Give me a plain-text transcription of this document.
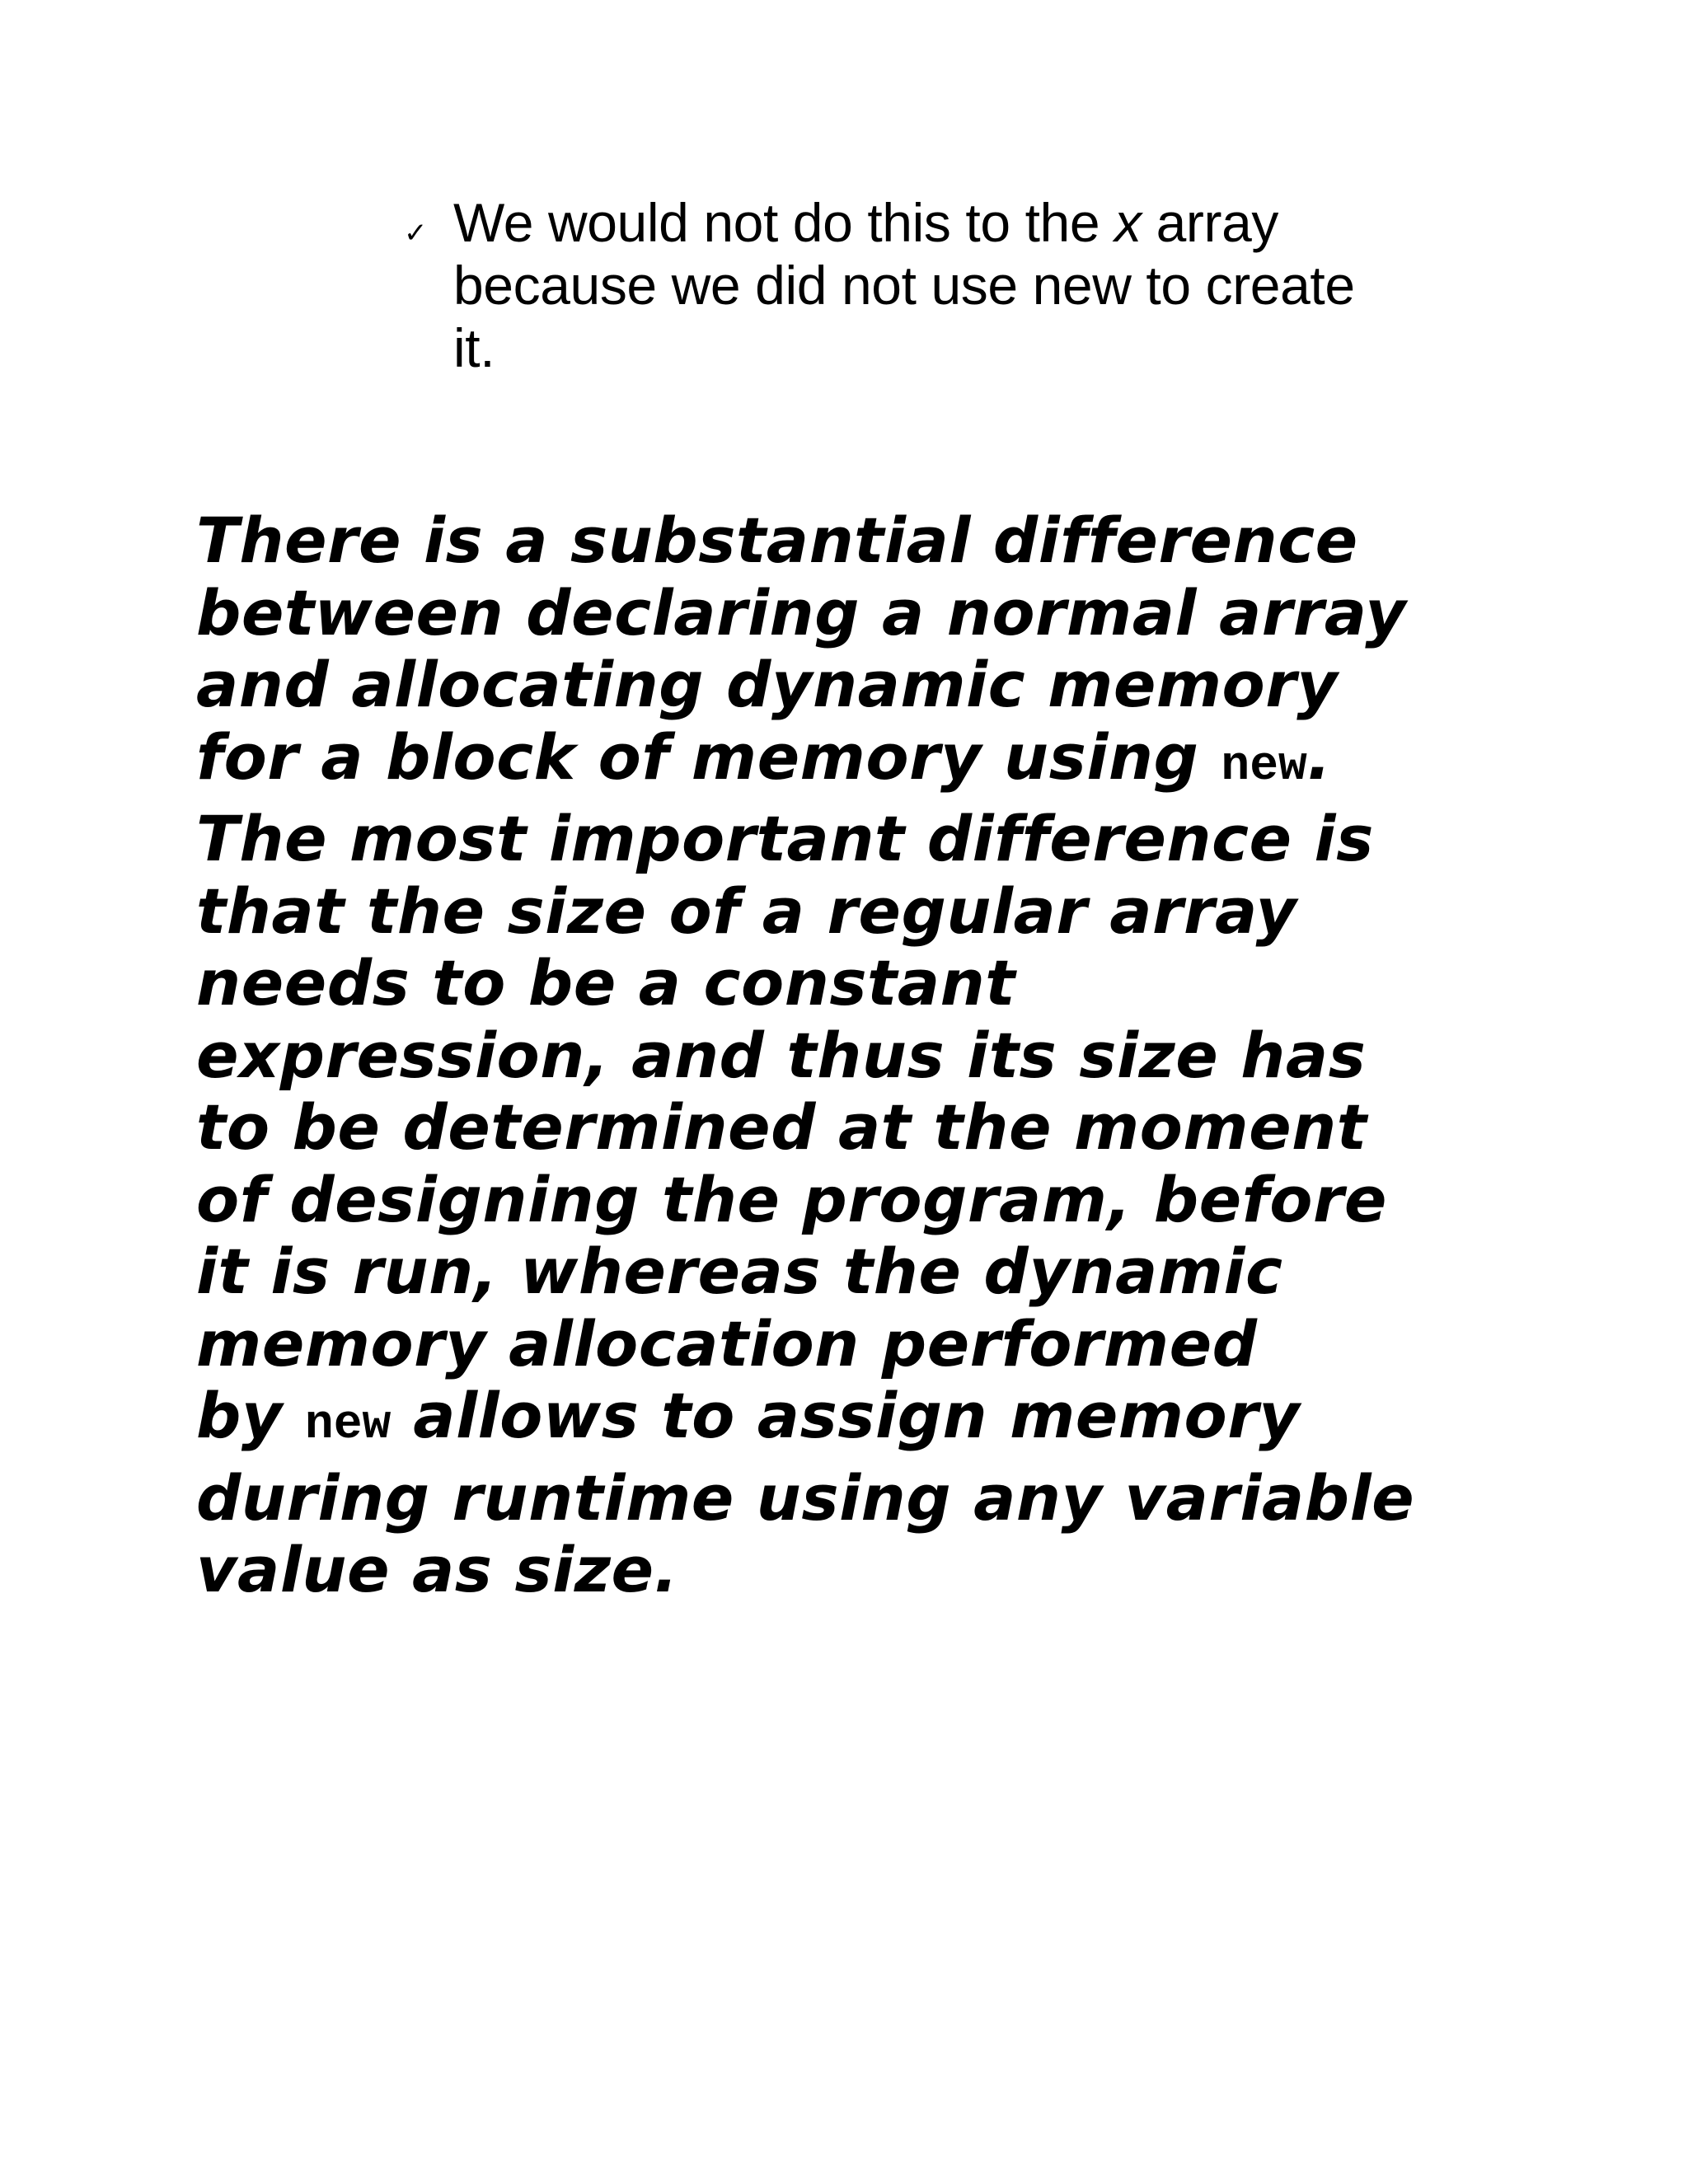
✓ We would not do this to the x array
because we did not use new to create
it.
There is a substantial difference
between declaring a normal array
and allocating dynamic memory
for a block of memory using new.
The most important difference is
that the size of a regular array
needs to be a constant
expression, and thus its size has
to be determined at the moment
of designing the program, before
it is run, whereas the dynamic
memory allocation performed
by new allows to assign memory
during runtime using any variable
value as size.
